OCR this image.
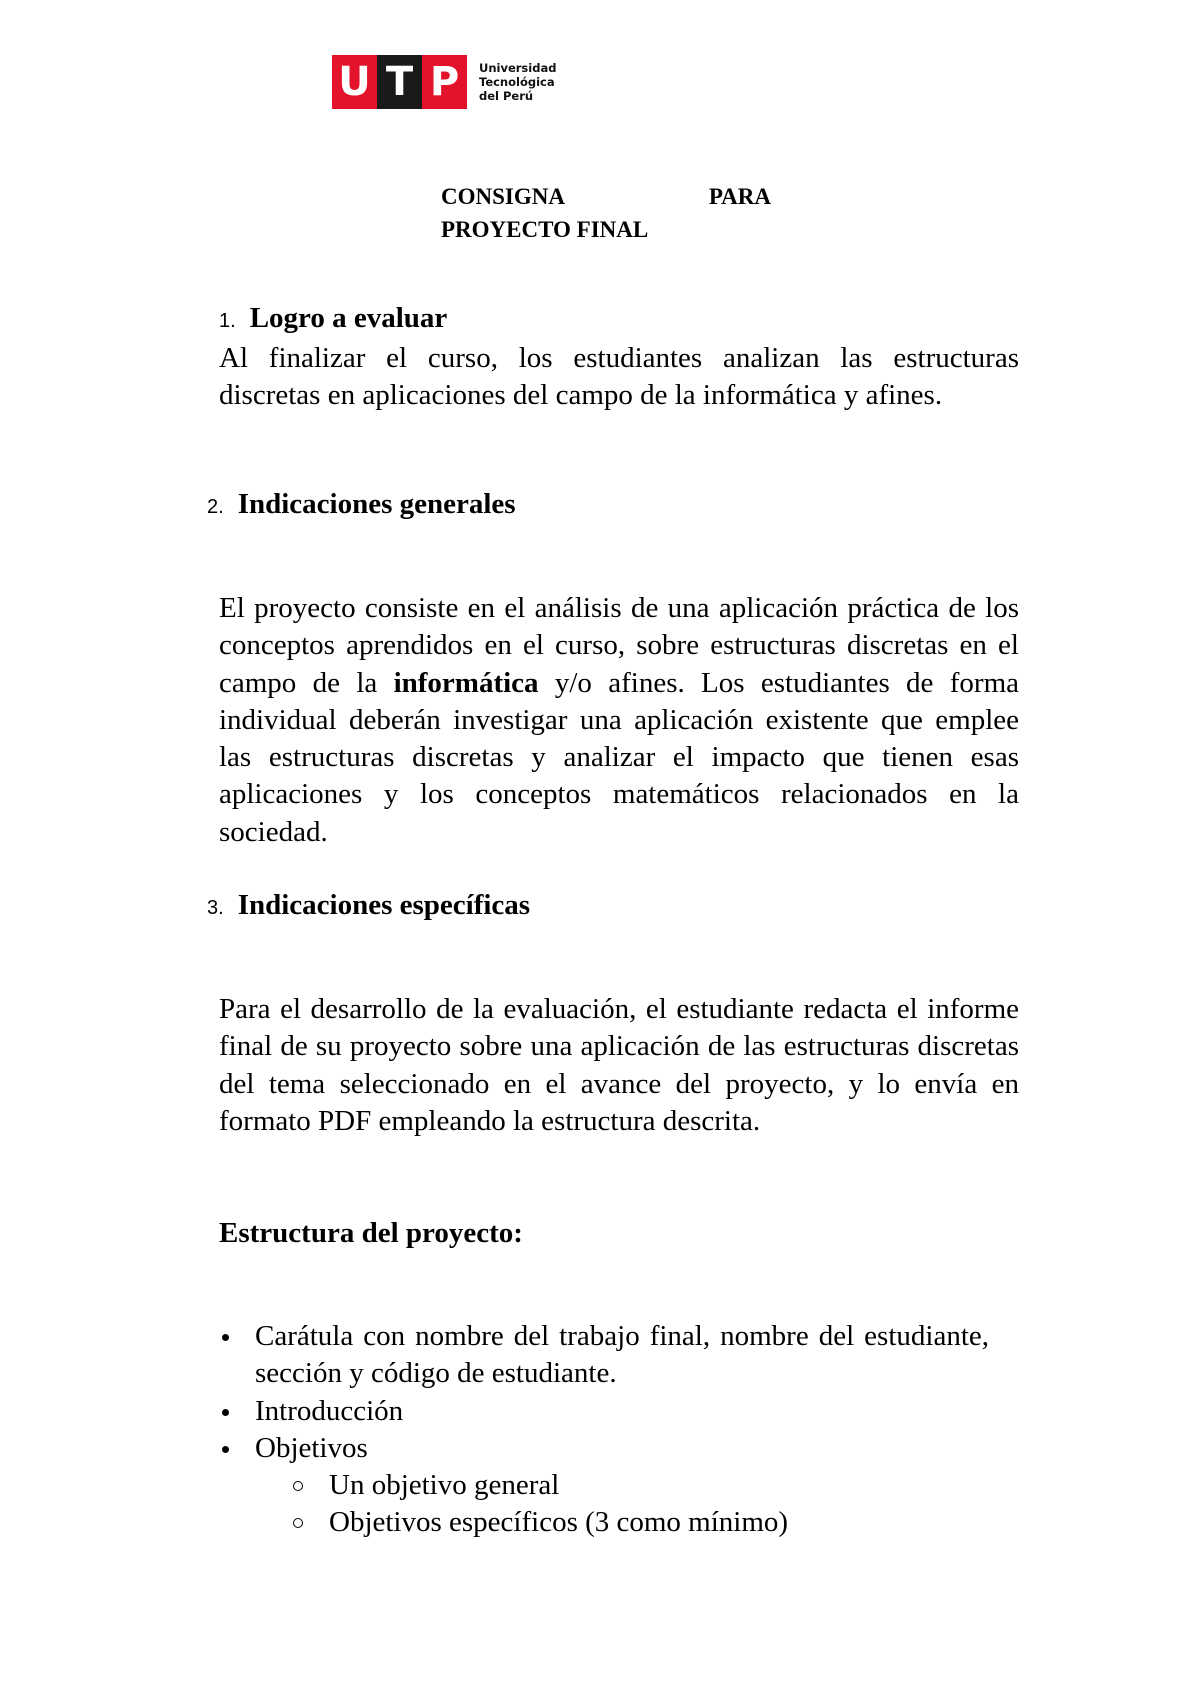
U T P	Universidad
Tecnológica
del Perú
CONSIGNA	PARA
PROYECTO FINAL
1. Logro a evaluar

Al finalizar el curso, los estudiantes analizan las estructuras discretas en aplicaciones del campo de la informática y afines.

2. Indicaciones generales

El proyecto consiste en el análisis de una aplicación práctica de los conceptos aprendidos en el curso, sobre estructuras discretas en el campo de la informática y/o afines. Los estudiantes de forma individual deberán investigar una aplicación existente que emplee las estructuras discretas y analizar el impacto que tienen esas aplicaciones y los conceptos matemáticos relacionados en la sociedad.

3. Indicaciones específicas

Para el desarrollo de la evaluación, el estudiante redacta el informe final de su proyecto sobre una aplicación de las estructuras discretas del tema seleccionado en el avance del proyecto, y lo envía en formato PDF empleando la estructura descrita.

Estructura del proyecto:
Carátula con nombre del trabajo final, nombre del estudiante, sección y código de estudiante.
Introducción
Objetivos
Un objetivo general
Objetivos específicos (3 como mínimo)
